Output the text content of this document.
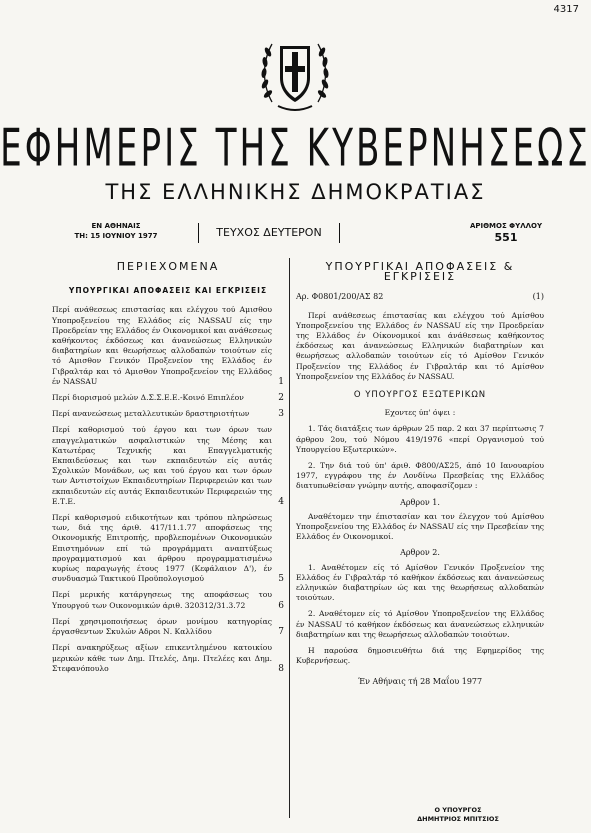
4317
ΕΦΗΜΕΡΙΣ ΤΗΣ ΚΥΒΕΡΝΗΣΕΩΣ
ΤΗΣ ΕΛΛΗΝΙΚΗΣ ΔΗΜΟΚΡΑΤΙΑΣ
ΕΝ ΑΘΗΝΑΙΣ
ΤΗ: 15 ΙΟΥΝΙΟΥ 1977	ΤΕΥΧΟΣ ΔΕΥΤΕΡΟΝ	ΑΡΙΘΜΟΣ ΦΥΛΛΟΥ
551
ΠΕΡΙΕΧΟΜΕΝΑ
ΥΠΟΥΡΓΙΚΑΙ ΑΠΟΦΑΣΕΙΣ ΚΑΙ ΕΓΚΡΙΣΕΙΣ
Περί ανάθεσεως επιστασίας και ελέγχου τού Αμισθου Υποπροξενείου της Ελλάδος είς NASSAU είς την Προεδρείαν της Ελλάδος έν Οικονομικοί και ανάθεσεως καθήκοντος έκδόσεως και άνανεώσεως Ελληνικών διαβατηρίων και θεωρήσεως αλλοδαπών τοιούτων είς τό Αμισθον Γενικόν Προξενείον της Ελλάδος έν Γιβραλτάρ και τό Αμισθον Υποπροξενείον της Ελλάδος έν NASSAU	1
Περί διορισμού μελών Δ.Σ.Σ.Ε.Ε.-Κοινό Επιπλέον	2
Περί ανανεώσεως μεταλλευτικών δραστηριοτήτων	3
Περί καθορισμού τού έργου και των όρων των επαγγελματικών ασφαλιστικών της Μέσης και Κατωτέρας Τεχνικής και Επαγγελματικής Εκπαιδεύσεως και των εκπαιδευτών είς αυτάς Σχολικών Μονάδων, ως και τού έργου και των όρων των Αντιστοίχων Εκπαιδευτηρίων Περιφερειών και των εκπαιδευτών είς αυτάς Εκπαιδευτικών Περιφερειών της Ε.Τ.Ε.	4
Περί καθορισμού ειδικοτήτων και τρόπου πληρώσεως των, διά της άριθ. 417/11.1.77 αποφάσεως της Οικονομικής Επιτροπής, προβλεπομένων Οικονομικών Επιστημόνων επί τώ προγράμματι αναπτύξεως προγραμματισμού και άρθρου προγραμματισμένω κυρίως παραγωγής έτους 1977 (Κεφάλαιον Δ'), έν συνδυασμώ Τακτικού Προϋπολογισμού	5
Περί μερικής κατάργησεως της αποφάσεως του Υπουργού των Οικονομικών άριθ. 320312/31.3.72	6
Περί χρησιμοποιήσεως όρων μονίμου κατηγορίας έργασθεντων Σκυλών Αδροι Ν. Καλλίδου	7
Περί ανακηρύξεως αξίων επικεντλημένου κατοικίου μερικών κάθε των Δημ. Πτελές, Δημ. Πτελέες και Δημ. Στεφανόπουλο	8
ΥΠΟΥΡΓΙΚΑΙ ΑΠΟΦΑΣΕΙΣ & ΕΓΚΡΙΣΕΙΣ
Αρ. Φ0801/200/ΑΣ 82	(1)

Περί ανάθεσεως έπιστασίας και ελέγχου τού Αμίσθου Υποπροξενείου της Ελλάδος έν NASSAU είς την Προεδρείαν της Ελλάδος έν Οίκονομικοί και άνάθεσεως καθήκοντος έκδόσεως και άνανεώσεως Ελληνικών διαβατηρίων και θεωρήσεως αλλοδαπών τοιούτων είς τό Αμίσθον Γενικόν Προξενείον της Ελλάδος έν Γιβραλτάρ και τό Αμίσθον Υποπροξενείον της Ελλάδος έν NASSAU.

Ο ΥΠΟΥΡΓΟΣ ΕΞΩΤΕΡΙΚΩΝ

Εχοντες ύπ' όψει :

1. Τάς διατάξεις των άρθρων 25 παρ. 2 και 37 περίπτωσις 7 άρθρου 2ου, τού Νόμου 419/1976 «περί Οργανισμού τού Υπουργείου Εξωτερικών».

2. Την διά τού ύπ' άριθ. Φ800/ΑΣ25, άπό 10 Ιανουαρίου 1977, εγγράφου της έν Λονδίνω Πρεσβείας της Ελλάδος διατυπωθείσαν γνώμην αυτής, αποφασίζομεν :

Αρθρον 1.

Αναθέτομεν την έπιστασίαν και τον έλεγχον τού Αμίσθου Υποπροξενείου της Ελλάδος έν NASSAU είς την Πρεσβείαν της Ελλάδος έν Οικονομικοί.

Αρθρον 2.

1. Αναθέτομεν είς τό Αμίσθον Γενικόν Προξενείον της Ελλάδος έν Γιβραλτάρ τό καθήκον έκδόσεως και άνανεώσεως ελληνικών διαβατηρίων ώς και της θεωρήσεως αλλοδαπών τοιούτων.

2. Αναθέτομεν είς τό Αμίσθον Υποπροξενείον της Ελλάδος έν NASSAU τό καθήκον έκδόσεως και άνανεώσεως ελληνικών διαβατηρίων και της θεωρήσεως αλλοδαπών τοιούτων.

Η παρούσα δημοσιευθήτω διά της Εφημερίδος της Κυβερνήσεως.

Έν Αθήναις τή 28 Μαΐου 1977
Ο ΥΠΟΥΡΓΟΣ
ΔΗΜΗΤΡΙΟΣ ΜΠΙΤΣΙΟΣ
